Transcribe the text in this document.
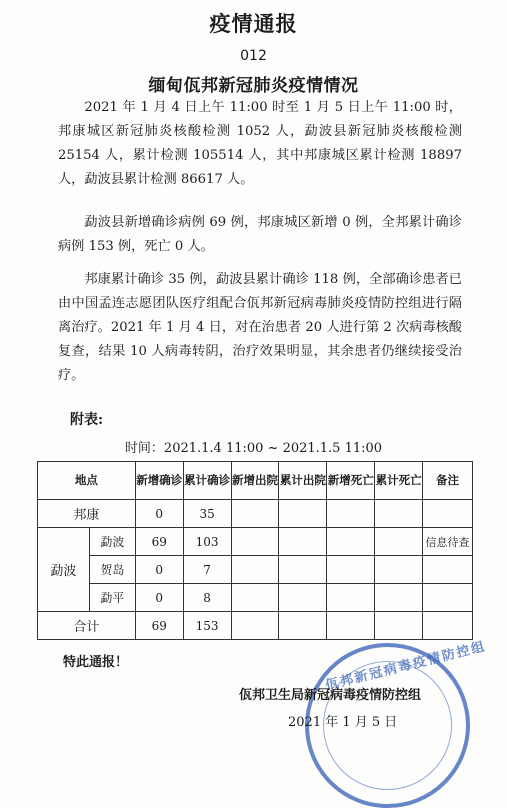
疫情通报
012
缅甸佤邦新冠肺炎疫情情况
2021 年 1 月 4 日上午 11:00 时至 1 月 5 日上午 11:00 时，邦康城区新冠肺炎核酸检测 1052 人，勐波县新冠肺炎核酸检测 25154 人，累计检测 105514 人，其中邦康城区累计检测 18897 人，勐波县累计检测 86617 人。
勐波县新增确诊病例 69 例，邦康城区新增 0 例，全邦累计确诊病例 153 例，死亡 0 人。
邦康累计确诊 35 例，勐波县累计确诊 118 例，全部确诊患者已由中国孟连志愿团队医疗组配合佤邦新冠病毒肺炎疫情防控组进行隔离治疗。2021 年 1 月 4 日，对在治患者 20 人进行第 2 次病毒核酸复查，结果 10 人病毒转阴，治疗效果明显，其余患者仍继续接受治疗。
附表:
时间：2021.1.4 11:00 ~ 2021.1.5 11:00
地点		新增确诊	累计确诊	新增出院	累计出院	新增死亡	累计死亡	备注
邦康		0	35					
勐波	勐波	69	103					信息待查
	贺岛	0	7					
	勐平	0	8					
合计		69	153					
特此通报！	佤邦新冠病毒疫情防控组
佤邦卫生局新冠病毒疫情防控组
2021 年 1 月 5 日
